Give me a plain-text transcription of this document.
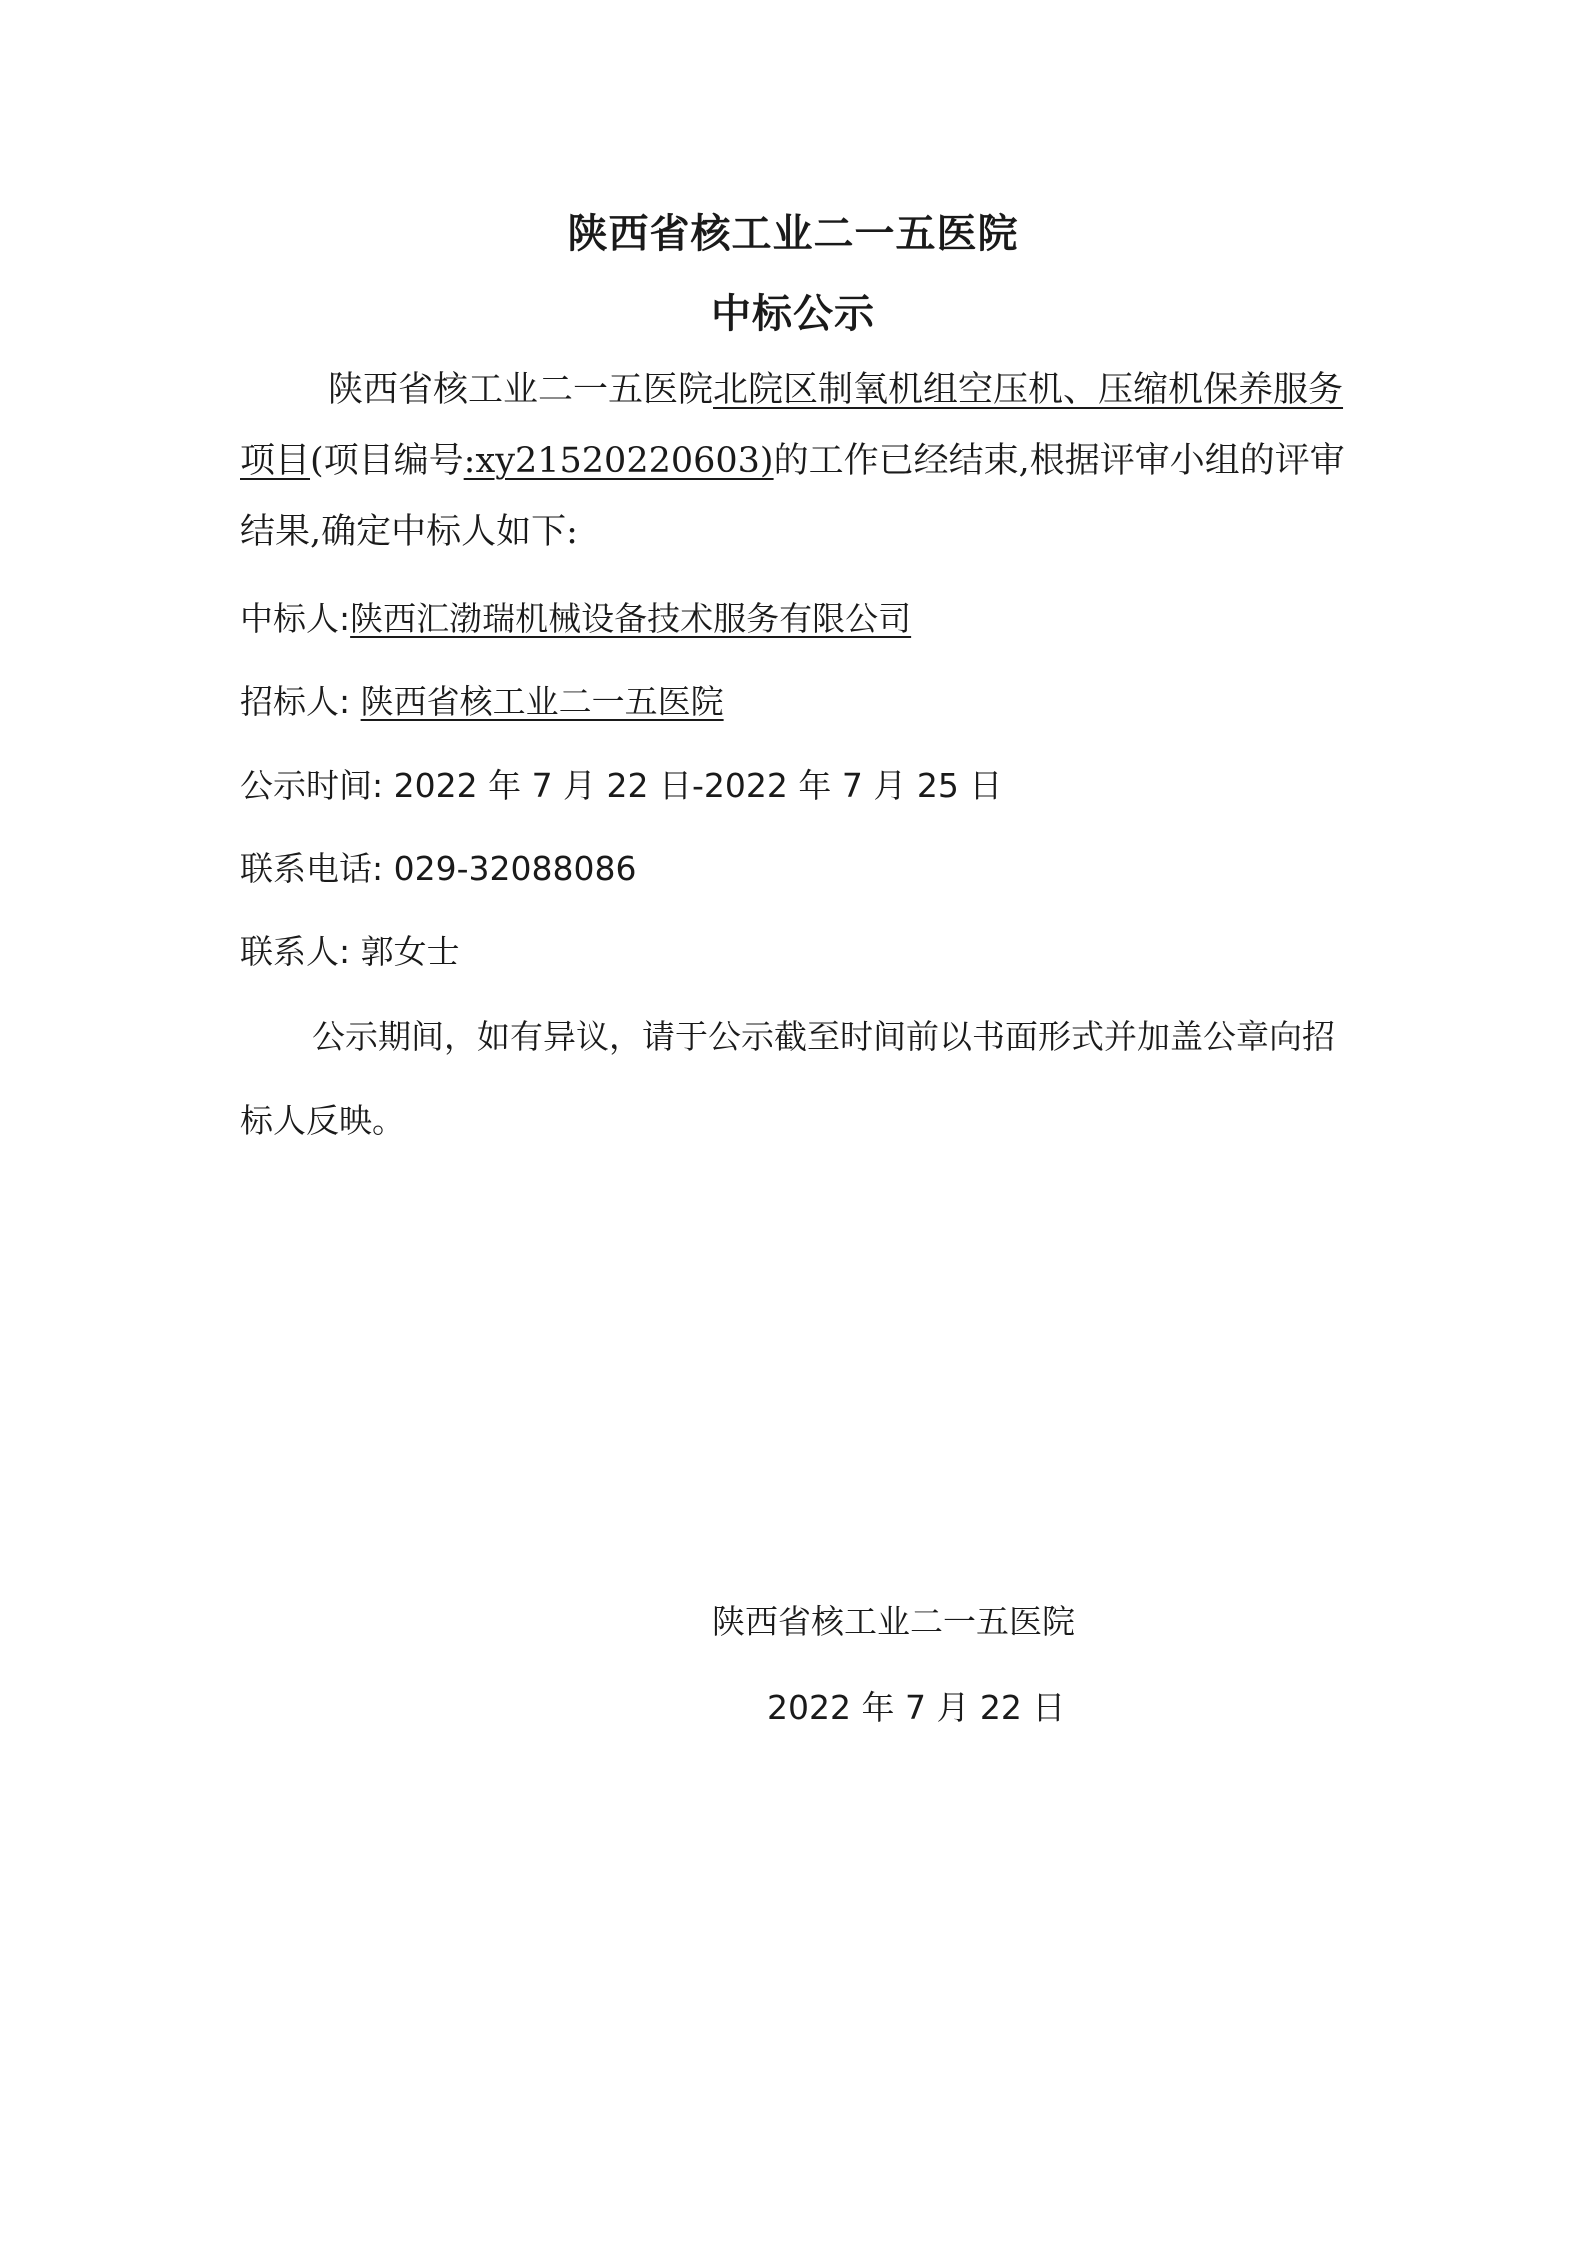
陕西省核工业二一五医院
中标公示
陕西省核工业二一五医院北院区制氧机组空压机、压缩机保养服务项目(项目编号:xy21520220603)的工作已经结束,根据评审小组的评审结果,确定中标人如下:
中标人:陕西汇渤瑞机械设备技术服务有限公司
招标人: 陕西省核工业二一五医院
公示时间: 2022 年 7 月 22 日-2022 年 7 月 25 日
联系电话: 029-32088086
联系人: 郭女士
公示期间，如有异议，请于公示截至时间前以书面形式并加盖公章向招标人反映。
陕西省核工业二一五医院
2022 年 7 月 22 日
